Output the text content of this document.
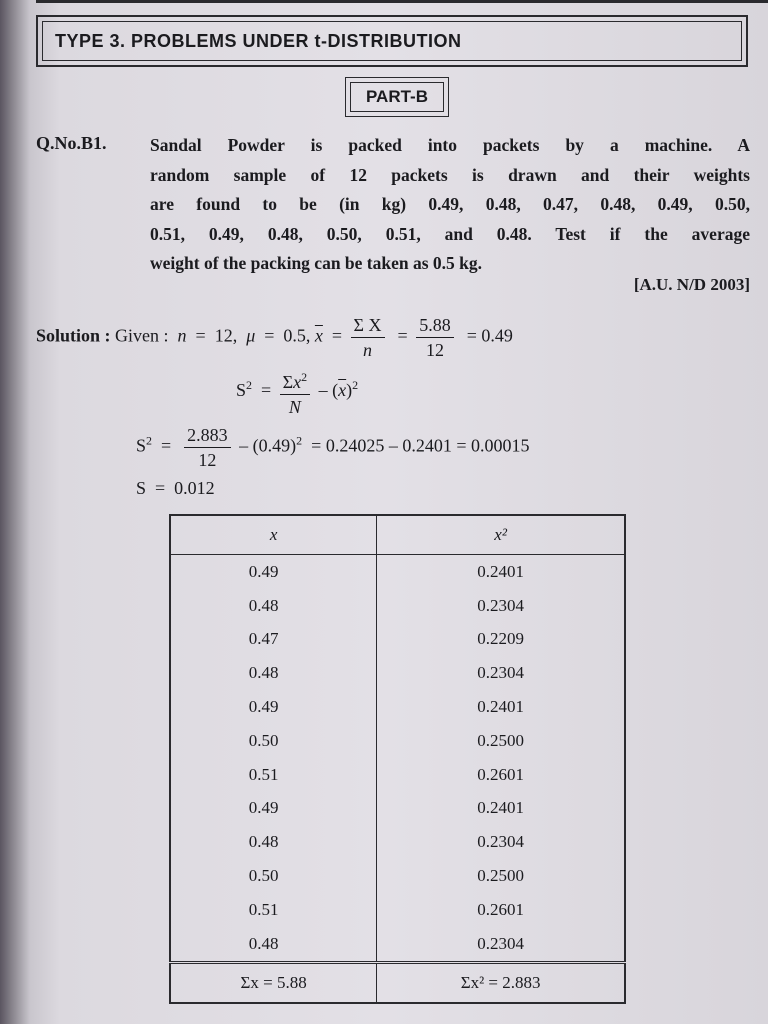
TYPE 3. PROBLEMS UNDER t-DISTRIBUTION
PART-B
Q.No.B1. Sandal Powder is packed into packets by a machine. A
random sample of 12 packets is drawn and their weights
are found to be (in kg) 0.49, 0.48, 0.47, 0.48, 0.49, 0.50,
0.51, 0.49, 0.48, 0.50, 0.51, and 0.48. Test if the average
weight of the packing can be taken as 0.5 kg.
[A.U. N/D 2003]
Solution : Given :  n  =  12,  μ  =  0.5, $\overline{x} = \frac{\text{Σ X}}{n} = \frac{5.88}{12} = 0.49$
$S^2 = \frac{\Sigma x^2}{N} - (\overline{x})^2$
$S^2 = \frac{2.883}{12} - (0.49)^2 = 0.24025 - 0.2401 = 0.00015$
S  =  0.012
x	x²
0.49	0.2401
0.48	0.2304
0.47	0.2209
0.48	0.2304
0.49	0.2401
0.50	0.2500
0.51	0.2601
0.49	0.2401
0.48	0.2304
0.50	0.2500
0.51	0.2601
0.48	0.2304
Σx = 5.88	Σx² = 2.883
